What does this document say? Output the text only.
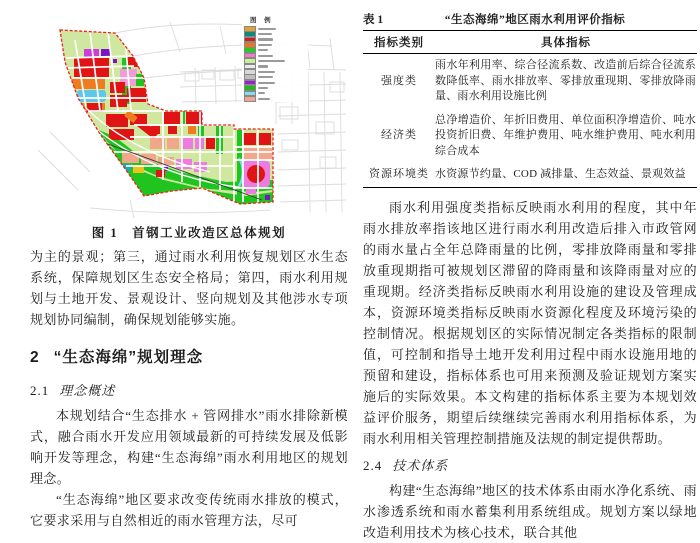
图 例
图 1　首钢工业改造区总体规划

为主的景观；第三，通过雨水利用恢复规划区水生态系统，保障规划区生态安全格局；第四，雨水利用规划与土地开发、景观设计、竖向规划及其他涉水专项规划协同编制，确保规划能够实施。

2 “生态海绵”规划理念
2.1 理念概述

本规划结合“生态排水 + 管网排水”雨水排除新模式，融合雨水开发应用领域最新的可持续发展及低影响开发等理念，构建“生态海绵”雨水利用地区的规划理念。

“生态海绵”地区要求改变传统雨水排放的模式，它要求采用与自然相近的雨水管理方法，尽可

表 1	“生态海绵”地区雨水利用评价指标
指标类别	具体指标
强度类	雨水年利用率、综合径流系数、改造前后综合径流系数降低率、雨水排放率、零排放重现期、零排放降雨量、雨水利用设施比例
经济类	总净增造价、年折旧费用、单位面积净增造价、吨水投资折旧费、年维护费用、吨水维护费用、吨水利用综合成本
资源环境类	水资源节约量、COD 减排量、生态效益、景观效益

雨水利用强度类指标反映雨水利用的程度，其中年雨水排放率指该地区进行雨水利用改造后排入市政管网的雨水量占全年总降雨量的比例，零排放降雨量和零排放重现期指可被规划区滞留的降雨量和该降雨量对应的重现期。经济类指标反映雨水利用设施的建设及管理成本，资源环境类指标反映雨水资源化程度及环境污染的控制情况。根据规划区的实际情况制定各类指标的限制值，可控制和指导土地开发利用过程中雨水设施用地的预留和建设，指标体系也可用来预测及验证规划方案实施后的实际效果。本文构建的指标体系主要为本规划效益评价服务，期望后续继续完善雨水利用指标体系，为雨水利用相关管理控制措施及法规的制定提供帮助。

2.4 技术体系

构建“生态海绵”地区的技术体系由雨水净化系统、雨水渗透系统和雨水蓄集利用系统组成。规划方案以绿地改造利用技术为核心技术，联合其他
